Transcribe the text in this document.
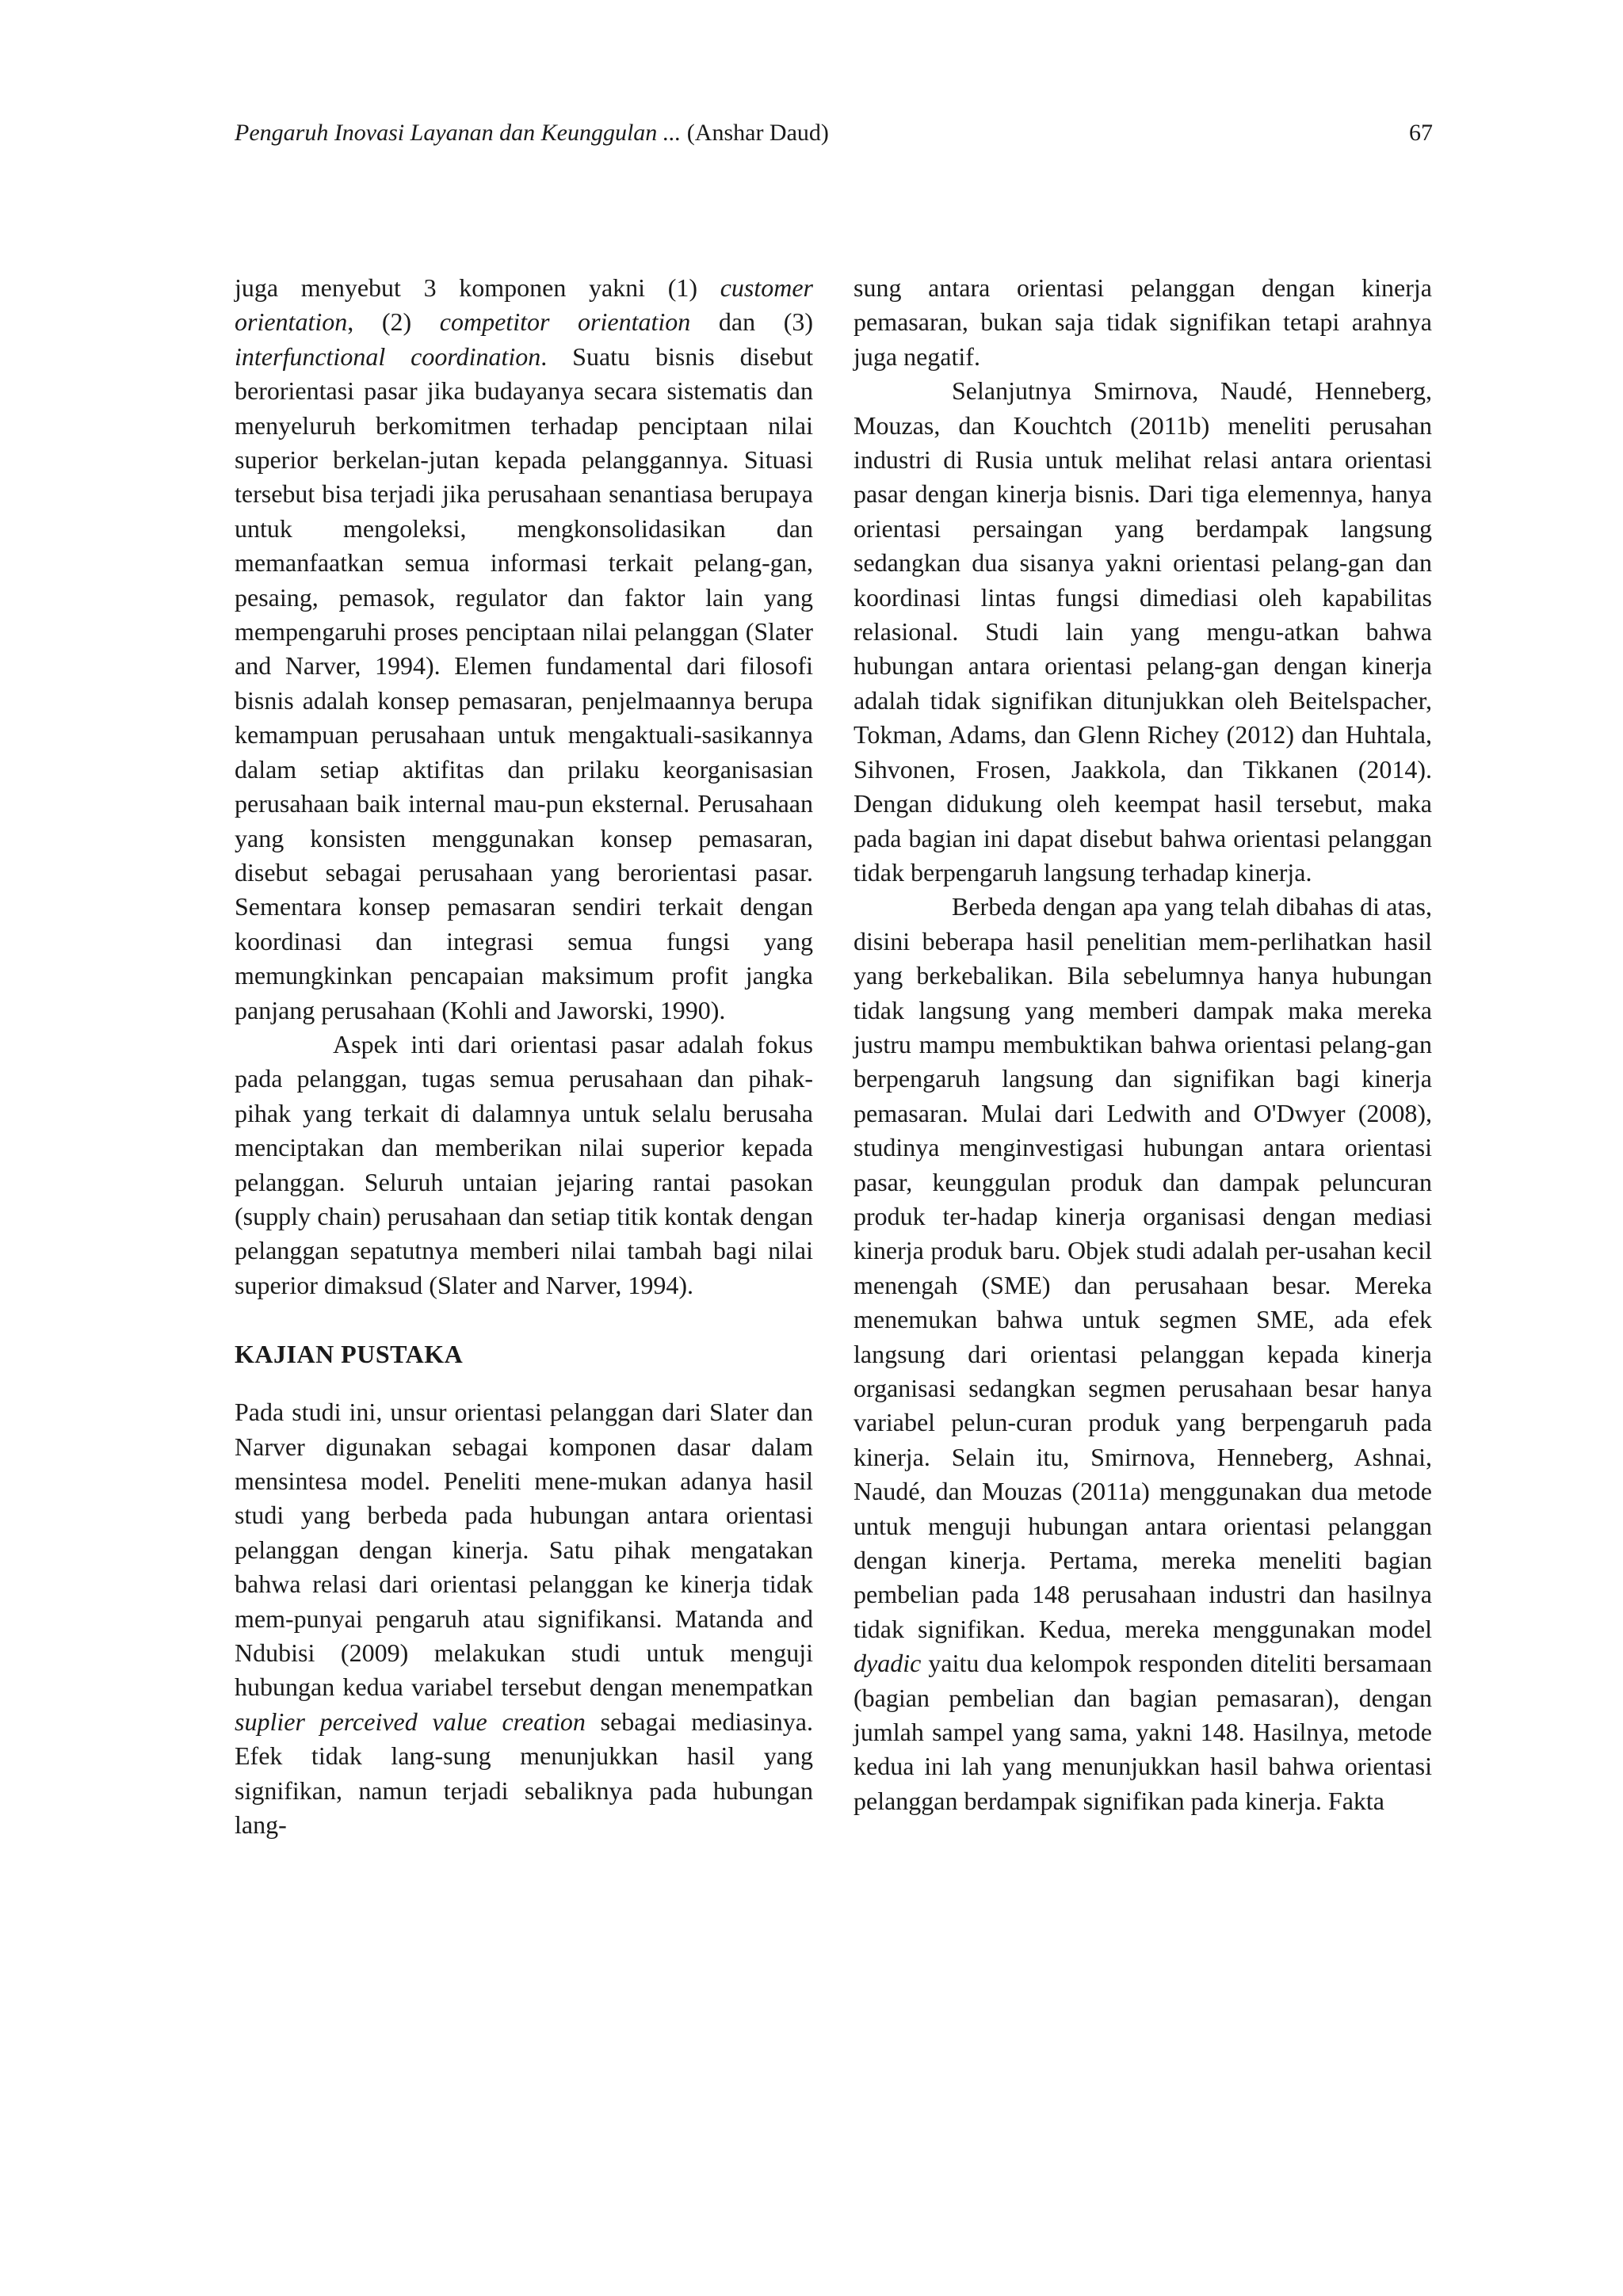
Pengaruh Inovasi Layanan dan Keunggulan ... (Anshar Daud)	67

juga menyebut 3 komponen yakni (1) customer orientation, (2) competitor orientation dan (3) interfunctional coordination. Suatu bisnis disebut berorientasi pasar jika budayanya secara sistematis dan menyeluruh berkomitmen terhadap penciptaan nilai superior berkelan-jutan kepada pelanggannya. Situasi tersebut bisa terjadi jika perusahaan senantiasa berupaya untuk mengoleksi, mengkonsolidasikan dan memanfaatkan semua informasi terkait pelang-gan, pesaing, pemasok, regulator dan faktor lain yang mempengaruhi proses penciptaan nilai pelanggan (Slater and Narver, 1994). Elemen fundamental dari filosofi bisnis adalah konsep pemasaran, penjelmaannya berupa kemampuan perusahaan untuk mengaktuali-sasikannya dalam setiap aktifitas dan prilaku keorganisasian perusahaan baik internal mau-pun eksternal. Perusahaan yang konsisten menggunakan konsep pemasaran, disebut sebagai perusahaan yang berorientasi pasar. Sementara konsep pemasaran sendiri terkait dengan koordinasi dan integrasi semua fungsi yang memungkinkan pencapaian maksimum profit jangka panjang perusahaan (Kohli and Jaworski, 1990).

Aspek inti dari orientasi pasar adalah fokus pada pelanggan, tugas semua perusahaan dan pihak-pihak yang terkait di dalamnya untuk selalu berusaha menciptakan dan memberikan nilai superior kepada pelanggan. Seluruh untaian jejaring rantai pasokan (supply chain) perusahaan dan setiap titik kontak dengan pelanggan sepatutnya memberi nilai tambah bagi nilai superior dimaksud (Slater and Narver, 1994).

KAJIAN PUSTAKA

Pada studi ini, unsur orientasi pelanggan dari Slater dan Narver digunakan sebagai komponen dasar dalam mensintesa model. Peneliti mene-mukan adanya hasil studi yang berbeda pada hubungan antara orientasi pelanggan dengan kinerja. Satu pihak mengatakan bahwa relasi dari orientasi pelanggan ke kinerja tidak mem-punyai pengaruh atau signifikansi. Matanda and Ndubisi (2009) melakukan studi untuk menguji hubungan kedua variabel tersebut dengan menempatkan suplier perceived value creation sebagai mediasinya. Efek tidak lang-sung menunjukkan hasil yang signifikan, namun terjadi sebaliknya pada hubungan lang-

sung antara orientasi pelanggan dengan kinerja pemasaran, bukan saja tidak signifikan tetapi arahnya juga negatif.

Selanjutnya Smirnova, Naudé, Henneberg, Mouzas, dan Kouchtch (2011b) meneliti perusahan industri di Rusia untuk melihat relasi antara orientasi pasar dengan kinerja bisnis. Dari tiga elemennya, hanya orientasi persaingan yang berdampak langsung sedangkan dua sisanya yakni orientasi pelang-gan dan koordinasi lintas fungsi dimediasi oleh kapabilitas relasional. Studi lain yang mengu-atkan bahwa hubungan antara orientasi pelang-gan dengan kinerja adalah tidak signifikan ditunjukkan oleh Beitelspacher, Tokman, Adams, dan Glenn Richey (2012) dan Huhtala, Sihvonen, Frosen, Jaakkola, dan Tikkanen (2014). Dengan didukung oleh keempat hasil tersebut, maka pada bagian ini dapat disebut bahwa orientasi pelanggan tidak berpengaruh langsung terhadap kinerja.

Berbeda dengan apa yang telah dibahas di atas, disini beberapa hasil penelitian mem-perlihatkan hasil yang berkebalikan. Bila sebelumnya hanya hubungan tidak langsung yang memberi dampak maka mereka justru mampu membuktikan bahwa orientasi pelang-gan berpengaruh langsung dan signifikan bagi kinerja pemasaran. Mulai dari Ledwith and O'Dwyer (2008), studinya menginvestigasi hubungan antara orientasi pasar, keunggulan produk dan dampak peluncuran produk ter-hadap kinerja organisasi dengan mediasi kinerja produk baru. Objek studi adalah per-usahan kecil menengah (SME) dan perusahaan besar. Mereka menemukan bahwa untuk segmen SME, ada efek langsung dari orientasi pelanggan kepada kinerja organisasi sedangkan segmen perusahaan besar hanya variabel pelun-curan produk yang berpengaruh pada kinerja. Selain itu, Smirnova, Henneberg, Ashnai, Naudé, dan Mouzas (2011a) menggunakan dua metode untuk menguji hubungan antara orientasi pelanggan dengan kinerja. Pertama, mereka meneliti bagian pembelian pada 148 perusahaan industri dan hasilnya tidak signifikan. Kedua, mereka menggunakan model dyadic yaitu dua kelompok responden diteliti bersamaan (bagian pembelian dan bagian pemasaran), dengan jumlah sampel yang sama, yakni 148. Hasilnya, metode kedua ini lah yang menunjukkan hasil bahwa orientasi pelanggan berdampak signifikan pada kinerja. Fakta
